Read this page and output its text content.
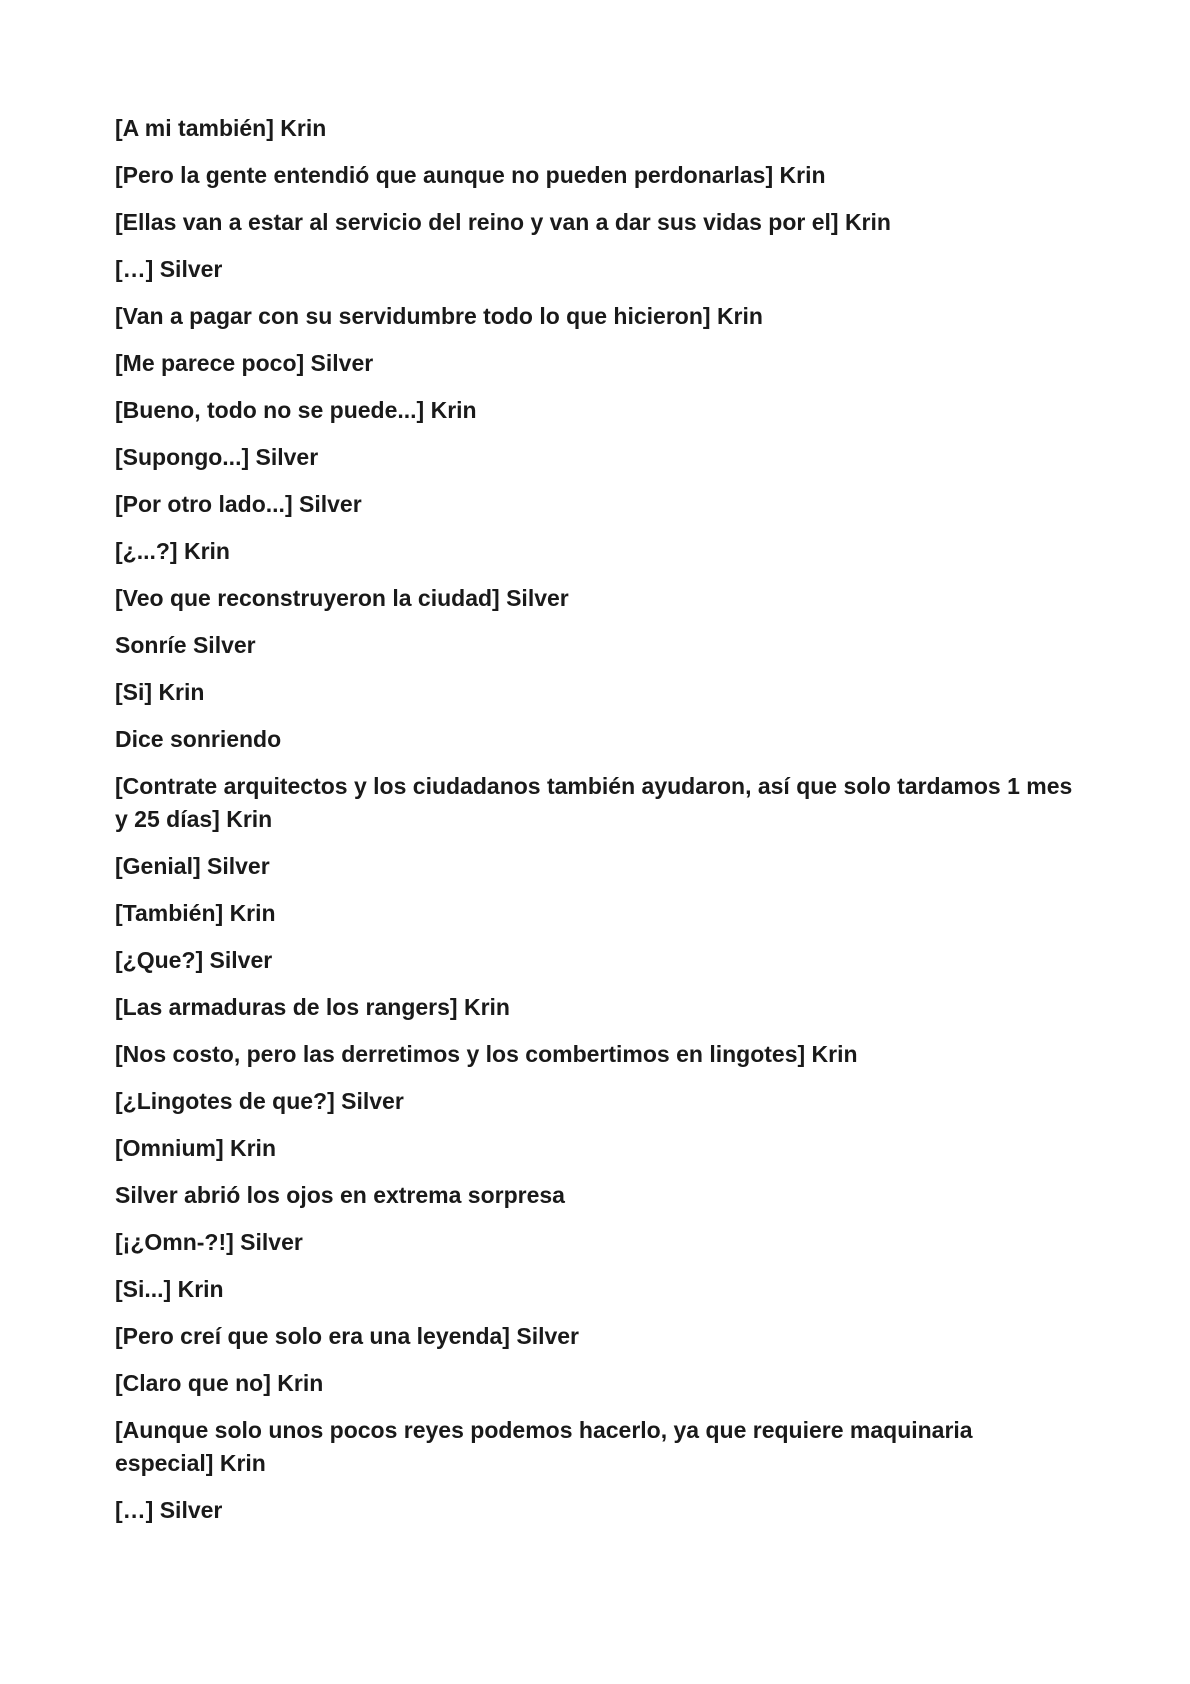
[A mi también] Krin

[Pero la gente entendió que aunque no pueden perdonarlas] Krin

[Ellas van a estar al servicio del reino y van a dar sus vidas por el] Krin

[…] Silver

[Van a pagar con su servidumbre todo lo que hicieron] Krin

[Me parece poco] Silver

[Bueno, todo no se puede...] Krin

[Supongo...] Silver

[Por otro lado...] Silver

[¿...?] Krin

[Veo que reconstruyeron la ciudad] Silver

Sonríe Silver

[Si] Krin

Dice sonriendo

[Contrate arquitectos y los ciudadanos también ayudaron, así que solo tardamos 1 mes y 25 días] Krin

[Genial] Silver

[También] Krin

[¿Que?] Silver

[Las armaduras de los rangers] Krin

[Nos costo, pero las derretimos y los combertimos en lingotes] Krin

[¿Lingotes de que?] Silver

[Omnium] Krin

Silver abrió los ojos en extrema sorpresa

[¡¿Omn-?!] Silver

[Si...] Krin

[Pero creí que solo era una leyenda] Silver

[Claro que no] Krin

[Aunque solo unos pocos reyes podemos hacerlo, ya que requiere maquinaria especial] Krin

[…] Silver
